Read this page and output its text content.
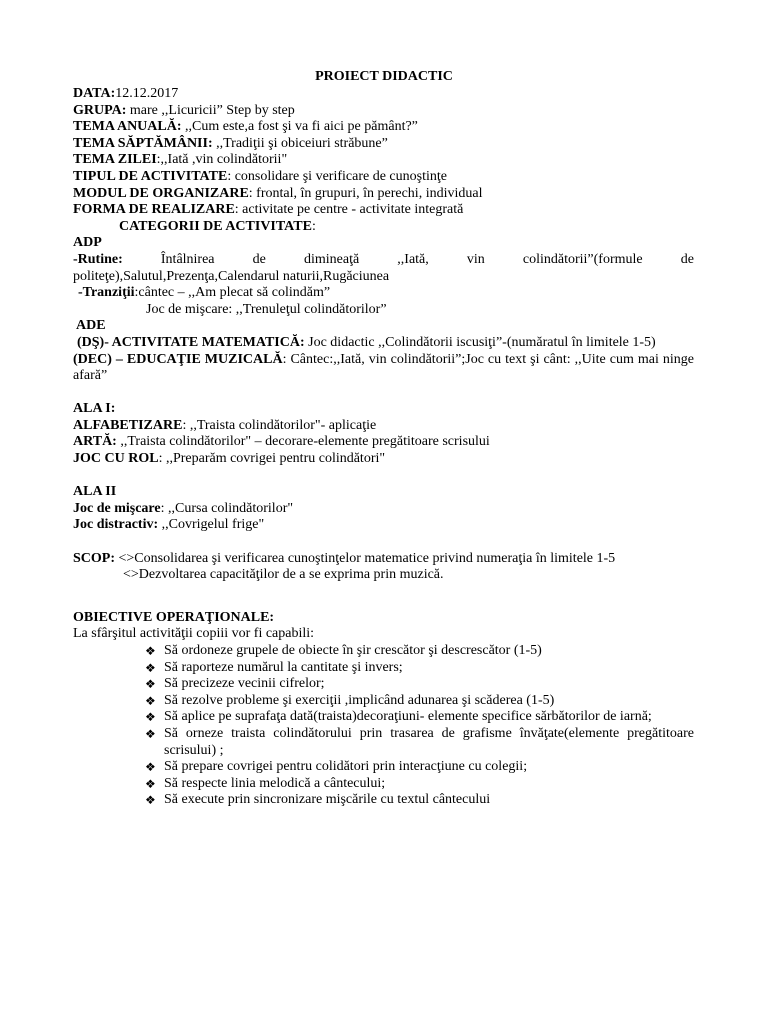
PROIECT DIDACTIC
DATA:12.12.2017
GRUPA: mare ,,Licuricii” Step by step
TEMA ANUALĂ: ,,Cum este,a fost şi va fi aici pe pământ?”
TEMA SĂPTĂMÂNII: ,,Tradiţii şi obiceiuri străbune”
TEMA ZILEI:,,Iată ,vin colindătorii"
TIPUL DE ACTIVITATE: consolidare şi verificare de cunoştinţe
MODUL DE ORGANIZARE: frontal, în grupuri, în perechi, individual
FORMA DE REALIZARE: activitate pe centre - activitate integrată
CATEGORII DE ACTIVITATE:
ADP
-Rutine:	Întâlnirea	de	dimineaţă	,,Iată,	vin	colindătorii”(formule	de
politeţe),Salutul,Prezenţa,Calendarul naturii,Rugăciunea
-Tranziţii:cântec – ,,Am plecat să colindăm”
Joc de mişcare: ,,Trenuleţul colindătorilor”
ADE
(DŞ)- ACTIVITATE MATEMATICĂ: Joc didactic ,,Colindătorii iscusiţi”-(număratul în limitele 1-5)
(DEC) – EDUCAŢIE MUZICALĂ: Cântec:,,Iată, vin colindătorii”;Joc cu text şi cânt: ,,Uite cum mai ninge afară”
ALA I:
ALFABETIZARE: ,,Traista colindătorilor"- aplicaţie
ARTĂ: ,,Traista colindătorilor" – decorare-elemente pregătitoare scrisului
JOC CU ROL: ,,Preparăm covrigei pentru colindători"
ALA II
Joc de mişcare: ,,Cursa colindătorilor"
Joc distractiv: ,,Covrigelul frige"
SCOP: <>Consolidarea şi verificarea cunoştinţelor matematice privind numeraţia în limitele 1-5
<>Dezvoltarea capacităţilor de a se exprima prin muzică.
OBIECTIVE OPERAŢIONALE:
La sfârşitul activităţii copiii vor fi capabili:
❖ Să ordoneze grupele de obiecte în şir crescător şi descrescător (1-5)
❖ Să raporteze numărul la cantitate şi invers;
❖ Să precizeze vecinii cifrelor;
❖ Să rezolve probleme şi exerciţii ,implicând adunarea şi scăderea (1-5)
❖ Să aplice pe suprafaţa dată(traista)decoraţiuni- elemente specifice sărbătorilor de iarnă;
❖ Să orneze traista colindătorului prin trasarea de grafisme învăţate(elemente pregătitoare scrisului) ;
❖ Să prepare covrigei pentru colidători prin interacţiune cu colegii;
❖ Să respecte linia melodică a cântecului;
❖ Să execute prin sincronizare mişcările cu textul cântecului
